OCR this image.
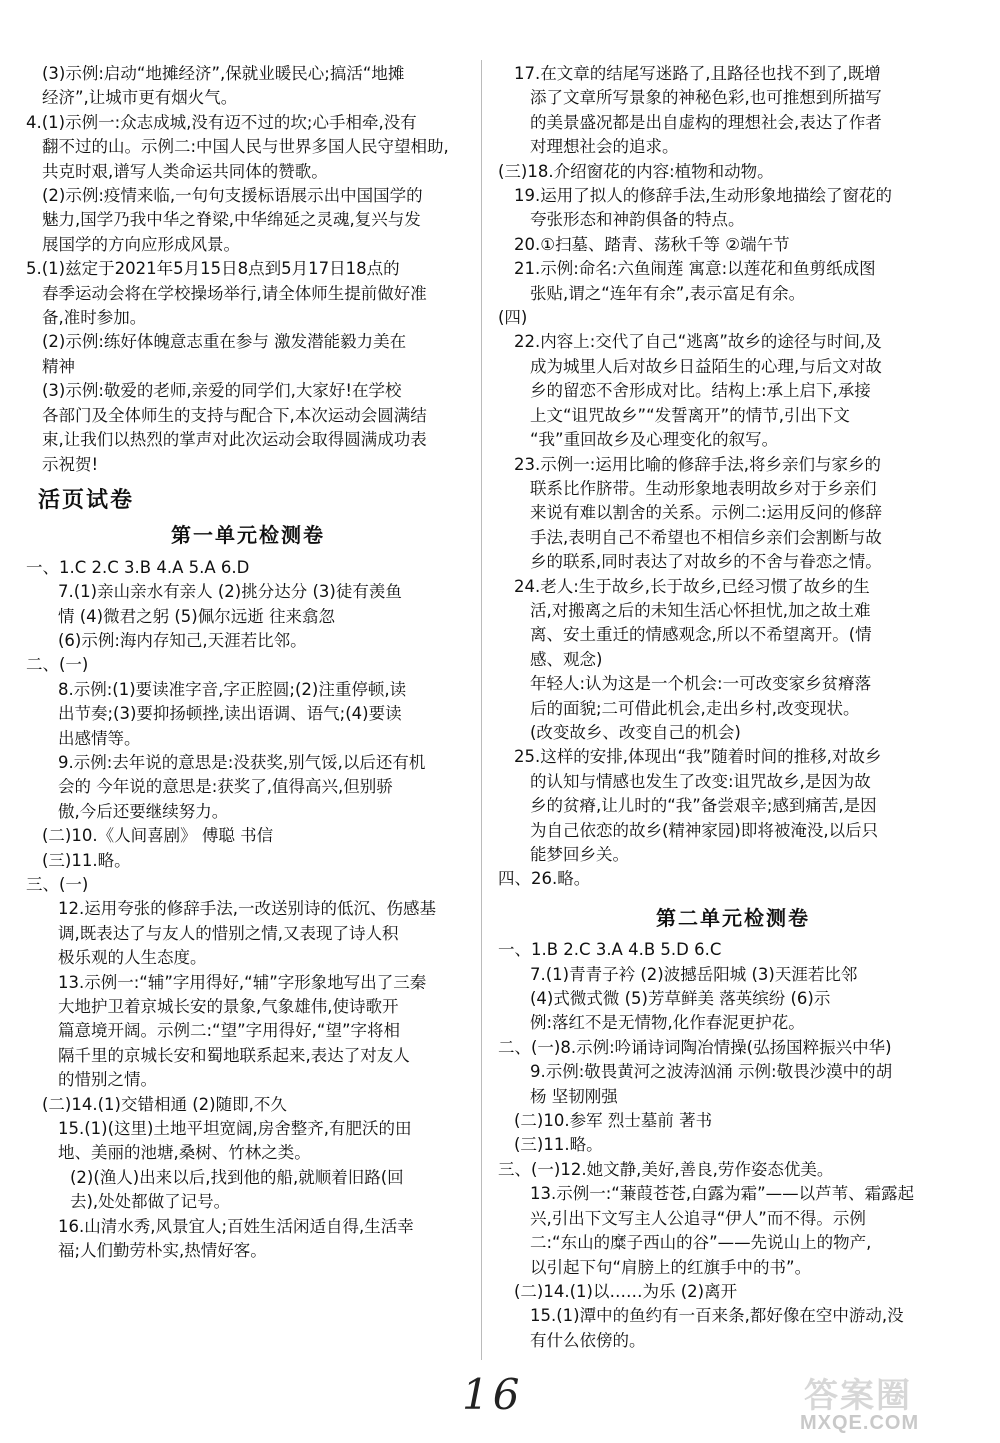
(3)示例:启动“地摊经济”,保就业暖民心;搞活“地摊

经济”,让城市更有烟火气。

4.(1)示例一:众志成城,没有迈不过的坎;心手相牵,没有

翻不过的山。示例二:中国人民与世界多国人民守望相助,

共克时艰,谱写人类命运共同体的赞歌。

(2)示例:疫情来临,一句句支援标语展示出中国国学的

魅力,国学乃我中华之脊梁,中华绵延之灵魂,复兴与发

展国学的方向应形成风景。

5.(1)兹定于2021年5月15日8点到5月17日18点的

春季运动会将在学校操场举行,请全体师生提前做好准

备,准时参加。

(2)示例:练好体魄意志重在参与 激发潜能毅力美在

精神

(3)示例:敬爱的老师,亲爱的同学们,大家好!在学校

各部门及全体师生的支持与配合下,本次运动会圆满结

束,让我们以热烈的掌声对此次运动会取得圆满成功表

示祝贺!

活页试卷
第一单元检测卷

一、1.C 2.C 3.B 4.A 5.A 6.D

7.(1)亲山亲水有亲人 (2)挑分达分 (3)徒有羡鱼

情 (4)微君之躬 (5)佩尔远逝 往来翕忽

(6)示例:海内存知己,天涯若比邻。

二、(一)

8.示例:(1)要读准字音,字正腔圆;(2)注重停顿,读

出节奏;(3)要抑扬顿挫,读出语调、语气;(4)要读

出感情等。

9.示例:去年说的意思是:没获奖,别气馁,以后还有机

会的 今年说的意思是:获奖了,值得高兴,但别骄

傲,今后还要继续努力。

(二)10.《人间喜剧》 傅聪 书信

(三)11.略。

三、(一)

12.运用夸张的修辞手法,一改送别诗的低沉、伤感基

调,既表达了与友人的惜别之情,又表现了诗人积

极乐观的人生态度。

13.示例一:“辅”字用得好,“辅”字形象地写出了三秦

大地护卫着京城长安的景象,气象雄伟,使诗歌开

篇意境开阔。示例二:“望”字用得好,“望”字将相

隔千里的京城长安和蜀地联系起来,表达了对友人

的惜别之情。

(二)14.(1)交错相通 (2)随即,不久

15.(1)(这里)土地平坦宽阔,房舍整齐,有肥沃的田

地、美丽的池塘,桑树、竹林之类。

(2)(渔人)出来以后,找到他的船,就顺着旧路(回

去),处处都做了记号。

16.山清水秀,风景宜人;百姓生活闲适自得,生活幸

福;人们勤劳朴实,热情好客。

17.在文章的结尾写迷路了,且路径也找不到了,既增

添了文章所写景象的神秘色彩,也可推想到所描写

的美景盛况都是出自虚构的理想社会,表达了作者

对理想社会的追求。

(三)18.介绍窗花的内容:植物和动物。

19.运用了拟人的修辞手法,生动形象地描绘了窗花的

夸张形态和神韵俱备的特点。

20.①扫墓、踏青、荡秋千等 ②端午节

21.示例:命名:六鱼闹莲 寓意:以莲花和鱼剪纸成图

张贴,谓之“连年有余”,表示富足有余。

(四)

22.内容上:交代了自己“逃离”故乡的途径与时间,及

成为城里人后对故乡日益陌生的心理,与后文对故

乡的留恋不舍形成对比。结构上:承上启下,承接

上文“诅咒故乡”“发誓离开”的情节,引出下文

“我”重回故乡及心理变化的叙写。

23.示例一:运用比喻的修辞手法,将乡亲们与家乡的

联系比作脐带。生动形象地表明故乡对于乡亲们

来说有难以割舍的关系。示例二:运用反问的修辞

手法,表明自己不希望也不相信乡亲们会割断与故

乡的联系,同时表达了对故乡的不舍与眷恋之情。

24.老人:生于故乡,长于故乡,已经习惯了故乡的生

活,对搬离之后的未知生活心怀担忧,加之故土难

离、安土重迁的情感观念,所以不希望离开。(情

感、观念)

年轻人:认为这是一个机会:一可改变家乡贫瘠落

后的面貌;二可借此机会,走出乡村,改变现状。

(改变故乡、改变自己的机会)

25.这样的安排,体现出“我”随着时间的推移,对故乡

的认知与情感也发生了改变:诅咒故乡,是因为故

乡的贫瘠,让儿时的“我”备尝艰辛;感到痛苦,是因

为自己依恋的故乡(精神家园)即将被淹没,以后只

能梦回乡关。

四、26.略。

第二单元检测卷

一、1.B 2.C 3.A 4.B 5.D 6.C

7.(1)青青子衿 (2)波撼岳阳城 (3)天涯若比邻

(4)式微式微 (5)芳草鲜美 落英缤纷 (6)示

例:落红不是无情物,化作春泥更护花。

二、(一)8.示例:吟诵诗词陶冶情操(弘扬国粹振兴中华)

9.示例:敬畏黄河之波涛汹涌 示例:敬畏沙漠中的胡

杨 坚韧刚强

(二)10.参军 烈士墓前 著书

(三)11.略。

三、(一)12.她文静,美好,善良,劳作姿态优美。

13.示例一:“蒹葭苍苍,白露为霜”——以芦苇、霜露起

兴,引出下文写主人公追寻“伊人”而不得。示例

二:“东山的糜子西山的谷”——先说山上的物产,

以引起下句“肩膀上的红旗手中的书”。

(二)14.(1)以……为乐 (2)离开

15.(1)潭中的鱼约有一百来条,都好像在空中游动,没

有什么依傍的。

16	答案圈
MXQE.COM
